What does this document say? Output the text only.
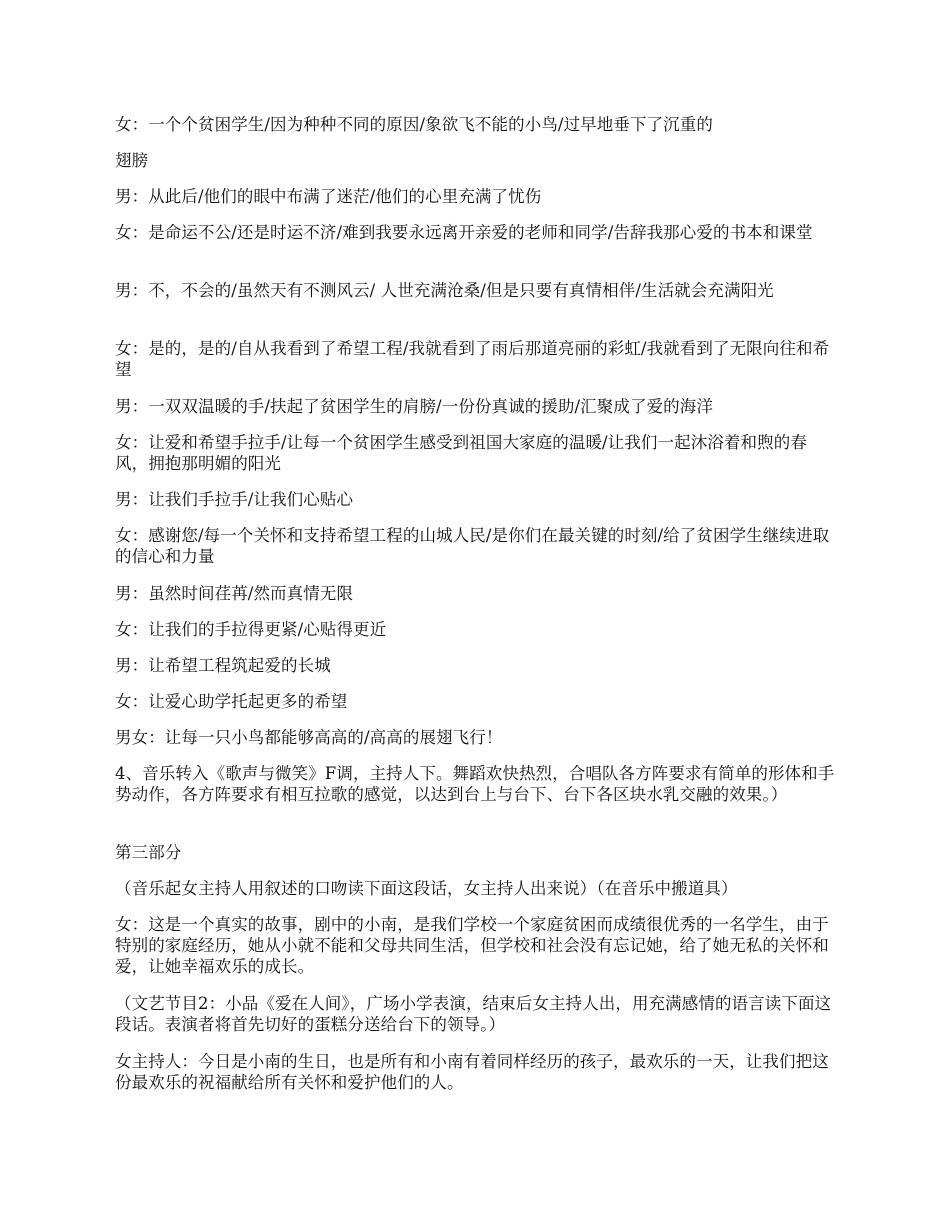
女：一个个贫困学生/因为种种不同的原因/象欲飞不能的小鸟/过早地垂下了沉重的
翅膀
男：从此后/他们的眼中布满了迷茫/他们的心里充满了忧伤
女：是命运不公/还是时运不济/难到我要永远离开亲爱的老师和同学/告辞我那心爱的书本和课堂
男：不，不会的/虽然天有不测风云/ 人世充满沧桑/但是只要有真情相伴/生活就会充满阳光
女：是的，是的/自从我看到了希望工程/我就看到了雨后那道亮丽的彩虹/我就看到了无限向往和希望
男：一双双温暖的手/扶起了贫困学生的肩膀/一份份真诚的援助/汇聚成了爱的海洋
女：让爱和希望手拉手/让每一个贫困学生感受到祖国大家庭的温暖/让我们一起沐浴着和煦的春风，拥抱那明媚的阳光
男：让我们手拉手/让我们心贴心
女：感谢您/每一个关怀和支持希望工程的山城人民/是你们在最关键的时刻/给了贫困学生继续进取的信心和力量
男：虽然时间荏苒/然而真情无限
女：让我们的手拉得更紧/心贴得更近
男：让希望工程筑起爱的长城
女：让爱心助学托起更多的希望
男女：让每一只小鸟都能够高高的/高高的展翅飞行！
4、音乐转入《歌声与微笑》F调，主持人下。舞蹈欢快热烈，合唱队各方阵要求有简单的形体和手势动作，各方阵要求有相互拉歌的感觉，以达到台上与台下、台下各区块水乳交融的效果。）
第三部分
（音乐起女主持人用叙述的口吻读下面这段话，女主持人出来说）（在音乐中搬道具）
女：这是一个真实的故事，剧中的小南，是我们学校一个家庭贫困而成绩很优秀的一名学生，由于特别的家庭经历，她从小就不能和父母共同生活，但学校和社会没有忘记她，给了她无私的关怀和爱，让她幸福欢乐的成长。
（文艺节目2：小品《爱在人间》，广场小学表演，结束后女主持人出，用充满感情的语言读下面这段话。表演者将首先切好的蛋糕分送给台下的领导。）
女主持人：今日是小南的生日，也是所有和小南有着同样经历的孩子，最欢乐的一天，让我们把这份最欢乐的祝福献给所有关怀和爱护他们的人。
